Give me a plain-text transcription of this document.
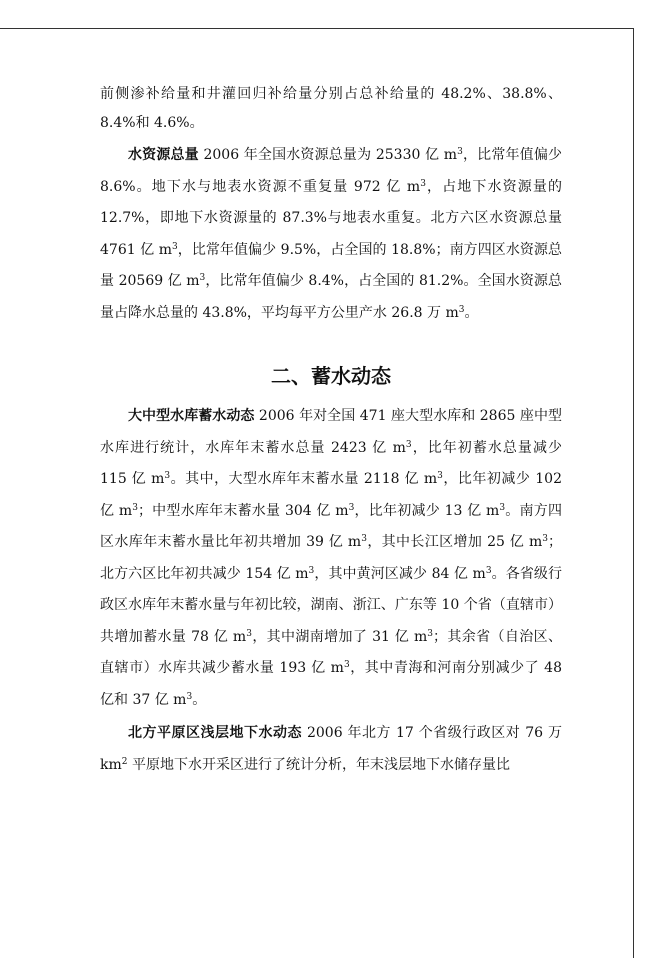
前侧渗补给量和井灌回归补给量分别占总补给量的 48.2%、38.8%、8.4%和 4.6%。

水资源总量 2006 年全国水资源总量为 25330 亿 $m^3$，比常年值偏少 8.6%。地下水与地表水资源不重复量 972 亿 $m^3$，占地下水资源量的 12.7%，即地下水资源量的 87.3%与地表水重复。北方六区水资源总量 4761 亿 $m^3$，比常年值偏少 9.5%，占全国的 18.8%；南方四区水资源总量 20569 亿 $m^3$，比常年值偏少 8.4%，占全国的 81.2%。全国水资源总量占降水总量的 43.8%，平均每平方公里产水 26.8 万 $m^3$。

二、蓄水动态

大中型水库蓄水动态 2006 年对全国 471 座大型水库和 2865 座中型水库进行统计，水库年末蓄水总量 2423 亿 $m^3$，比年初蓄水总量减少 115 亿 $m^3$。其中，大型水库年末蓄水量 2118 亿 $m^3$，比年初减少 102 亿 $m^3$；中型水库年末蓄水量 304 亿 $m^3$，比年初减少 13 亿 $m^3$。南方四区水库年末蓄水量比年初共增加 39 亿 $m^3$，其中长江区增加 25 亿 $m^3$；北方六区比年初共减少 154 亿 $m^3$，其中黄河区减少 84 亿 $m^3$。各省级行政区水库年末蓄水量与年初比较，湖南、浙江、广东等 10 个省（直辖市）共增加蓄水量 78 亿 $m^3$，其中湖南增加了 31 亿 $m^3$；其余省（自治区、直辖市）水库共减少蓄水量 193 亿 $m^3$，其中青海和河南分别减少了 48 亿和 37 亿 $m^3$。

北方平原区浅层地下水动态 2006 年北方 17 个省级行政区对 76 万 $km^2$ 平原地下水开采区进行了统计分析，年末浅层地下水储存量比
